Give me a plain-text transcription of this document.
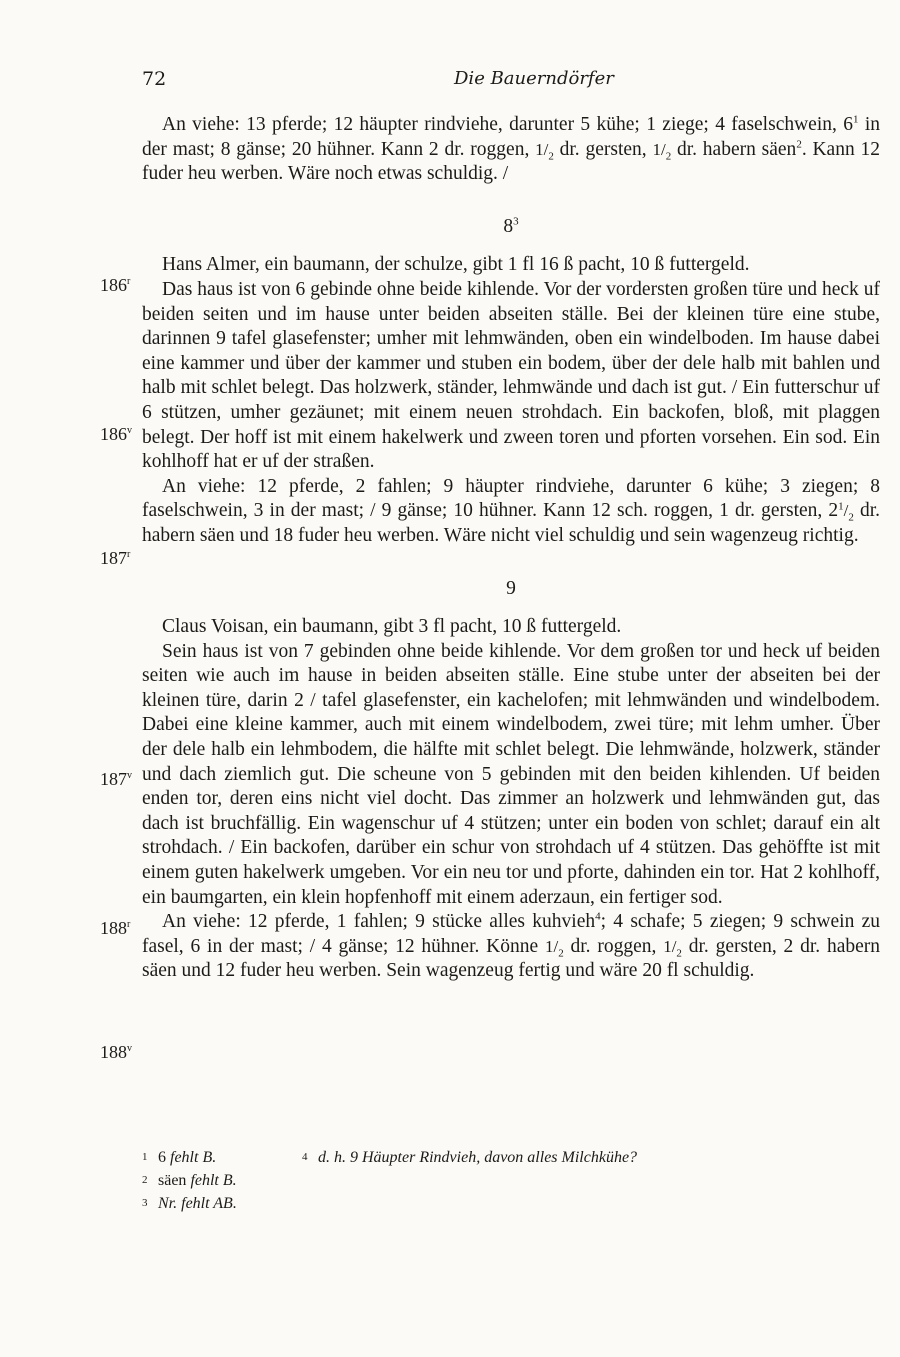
72	Die Bauerndörfer
186$^r$
186$^v$
187$^r$
187$^v$
188$^r$
188$^v$

An viehe: 13 pferde; 12 häupter rindviehe, darunter 5 kühe; 1 ziege; 4 faselschwein, $6^1$ in der mast; 8 gänse; 20 hühner. Kann 2 dr. roggen, $1/_2$ dr. gersten, $1/_2$ dr. habern säen$^2$. Kann 12 fuder heu werben. Wäre noch etwas schuldig. /

$8^3$

Hans Almer, ein baumann, der schulze, gibt 1 fl 16 ß pacht, 10 ß futtergeld.

Das haus ist von 6 gebinde ohne beide kihlende. Vor der vordersten großen türe und heck uf beiden seiten und im hause unter beiden abseiten ställe. Bei der kleinen türe eine stube, darinnen 9 tafel glasefenster; umher mit lehmwänden, oben ein windelboden. Im hause dabei eine kammer und über der kammer und stuben ein bodem, über der dele halb mit bahlen und halb mit schlet belegt. Das holzwerk, ständer, lehmwände und dach ist gut. / Ein futterschur uf 6 stützen, umher gezäunet; mit einem neuen strohdach. Ein backofen, bloß, mit plaggen belegt. Der hoff ist mit einem hakelwerk und zween toren und pforten vorsehen. Ein sod. Ein kohlhoff hat er uf der straßen.

An viehe: 12 pferde, 2 fahlen; 9 häupter rindviehe, darunter 6 kühe; 3 ziegen; 8 faselschwein, 3 in der mast; / 9 gänse; 10 hühner. Kann 12 sch. roggen, 1 dr. gersten, $2^1/_2$ dr. habern säen und 18 fuder heu werben. Wäre nicht viel schuldig und sein wagenzeug richtig.

9

Claus Voisan, ein baumann, gibt 3 fl pacht, 10 ß futtergeld.

Sein haus ist von 7 gebinden ohne beide kihlende. Vor dem großen tor und heck uf beiden seiten wie auch im hause in beiden abseiten ställe. Eine stube unter der abseiten bei der kleinen türe, darin 2 / tafel glasefenster, ein kachelofen; mit lehmwänden und windelbodem. Dabei eine kleine kammer, auch mit einem windelbodem, zwei türe; mit lehm umher. Über der dele halb ein lehmbodem, die hälfte mit schlet belegt. Die lehmwände, holzwerk, ständer und dach ziemlich gut. Die scheune von 5 gebinden mit den beiden kihlenden. Uf beiden enden tor, deren eins nicht viel docht. Das zimmer an holzwerk und lehmwänden gut, das dach ist bruchfällig. Ein wagenschur uf 4 stützen; unter ein boden von schlet; darauf ein alt strohdach. / Ein backofen, darüber ein schur von strohdach uf 4 stützen. Das gehöffte ist mit einem guten hakelwerk umgeben. Vor ein neu tor und pforte, dahinden ein tor. Hat 2 kohlhoff, ein baumgarten, ein klein hopfenhoff mit einem aderzaun, ein fertiger sod.

An viehe: 12 pferde, 1 fahlen; 9 stücke alles kuhvieh$^4$; 4 schafe; 5 ziegen; 9 schwein zu fasel, 6 in der mast; / 4 gänse; 12 hühner. Könne $1/_2$ dr. roggen, $1/_2$ dr. gersten, 2 dr. habern säen und 12 fuder heu werben. Sein wagenzeug fertig und wäre 20 fl schuldig.

1 6 fehlt B.
2 säen fehlt B.
3 Nr. fehlt AB.
4 d. h. 9 Häupter Rindvieh, davon alles Milchkühe?
